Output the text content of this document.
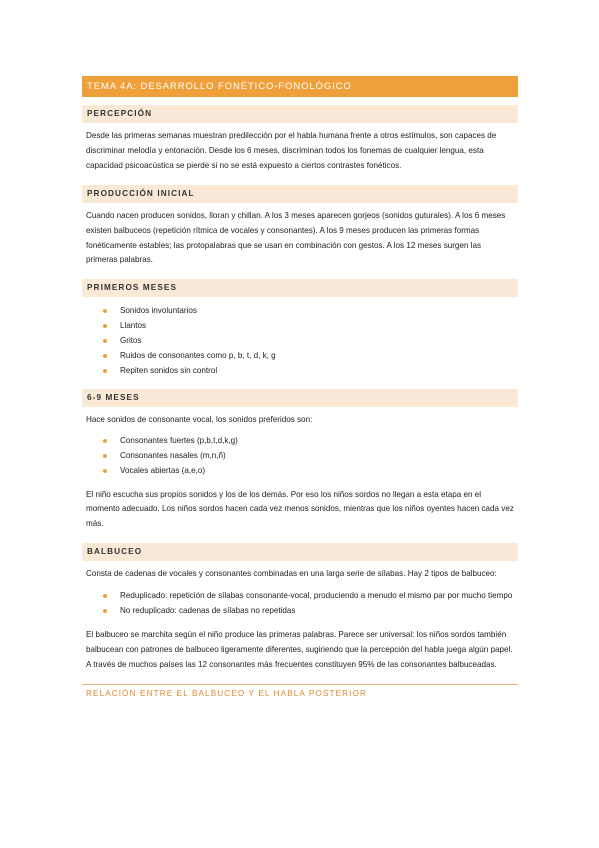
TEMA 4A: DESARROLLO FONÉTICO-FONOLÓGICO
PERCEPCIÓN
Desde las primeras semanas muestran predilección por el habla humana frente a otros estímulos, son capaces de discriminar melodía y entonación. Desde los 6 meses, discriminan todos los fonemas de cualquier lengua, esta capacidad psicoacústica se pierde si no se está expuesto a ciertos contrastes fonéticos.
PRODUCCIÓN INICIAL
Cuando nacen producen sonidos, lloran y chillan. A los 3 meses aparecen gorjeos (sonidos guturales). A los 6 meses existen balbuceos (repetición rítmica de vocales y consonantes). A los 9 meses producen las primeras formas fonéticamente estables; las protopalabras que se usan en combinación con gestos. A los 12 meses surgen las primeras palabras.
PRIMEROS MESES
Sonidos involuntarios
Llantos
Gritos
Ruidos de consonantes como p, b, t, d, k, g
Repiten sonidos sin control
6-9 MESES
Hace sonidos de consonante vocal, los sonidos preferidos son:
Consonantes fuertes (p,b,t,d,k,g)
Consonantes nasales (m,n,ñ)
Vocales abiertas (a,e,o)
El niño escucha sus propios sonidos y los de los demás. Por eso los niños sordos no llegan a esta etapa en el momento adecuado. Los niños sordos hacen cada vez menos sonidos, mientras que los niños oyentes hacen cada vez más.
BALBUCEO
Consta de cadenas de vocales y consonantes combinadas en una larga serie de sílabas. Hay 2 tipos de balbuceo:
Reduplicado: repetición de sílabas consonante-vocal, produciendo a menudo el mismo par por mucho tiempo
No reduplicado: cadenas de sílabas no repetidas
El balbuceo se marchita según el niño produce las primeras palabras. Parece ser universal: los niños sordos también balbucean con patrones de balbuceo ligeramente diferentes, sugiriendo que la percepción del habla juega algún papel. A través de muchos países las 12 consonantes más frecuentes constituyen 95% de las consonantes balbuceadas.
RELACIÓN ENTRE EL BALBUCEO Y EL HABLA POSTERIOR
